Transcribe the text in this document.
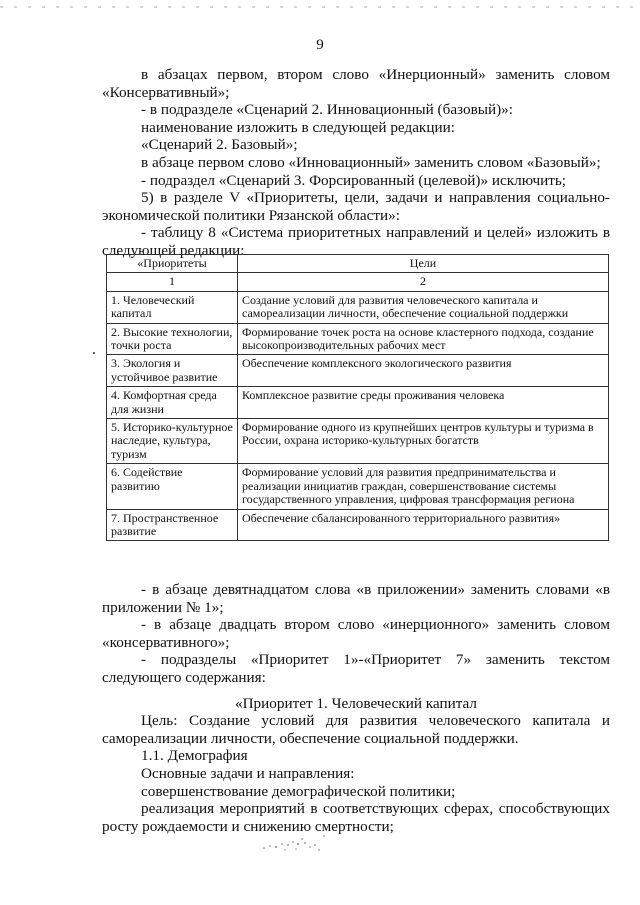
9

в абзацах первом, втором слово «Инерционный» заменить словом «Консервативный»;

- в подразделе «Сценарий 2. Инновационный (базовый)»:

наименование изложить в следующей редакции:

«Сценарий 2. Базовый»;

в абзаце первом слово «Инновационный» заменить словом «Базовый»;

- подраздел «Сценарий 3. Форсированный (целевой)» исключить;

5) в разделе V «Приоритеты, цели, задачи и направления социально-экономической политики Рязанской области»:

- таблицу 8 «Система приоритетных направлений и целей» изложить в следующей редакции:

«Приоритеты	Цели
1	2
1. Человеческий капитал	Создание условий для развития человеческого капитала и самореализации личности, обеспечение социальной поддержки
2. Высокие технологии, точки роста	Формирование точек роста на основе кластерного подхода, создание высокопроизводительных рабочих мест
3. Экология и устойчивое развитие	Обеспечение комплексного экологического развития
4. Комфортная среда для жизни	Комплексное развитие среды проживания человека
5. Историко-культурное наследие, культура, туризм	Формирование одного из крупнейших центров культуры и туризма в России, охрана историко-культурных богатств
6. Содействие развитию	Формирование условий для развития предпринимательства и реализации инициатив граждан, совершенствование системы государственного управления, цифровая трансформация региона
7. Пространственное развитие	Обеспечение сбалансированного территориального развития»

- в абзаце девятнадцатом слова «в приложении» заменить словами «в приложении № 1»;

- в абзаце двадцать втором слово «инерционного» заменить словом «консервативного»;

- подразделы «Приоритет 1»-«Приоритет 7» заменить текстом следующего содержания:

«Приоритет 1. Человеческий капитал

Цель: Создание условий для развития человеческого капитала и самореализации личности, обеспечение социальной поддержки.

1.1. Демография

Основные задачи и направления:

совершенствование демографической политики;

реализация мероприятий в соответствующих сферах, способствующих росту рождаемости и снижению смертности;
